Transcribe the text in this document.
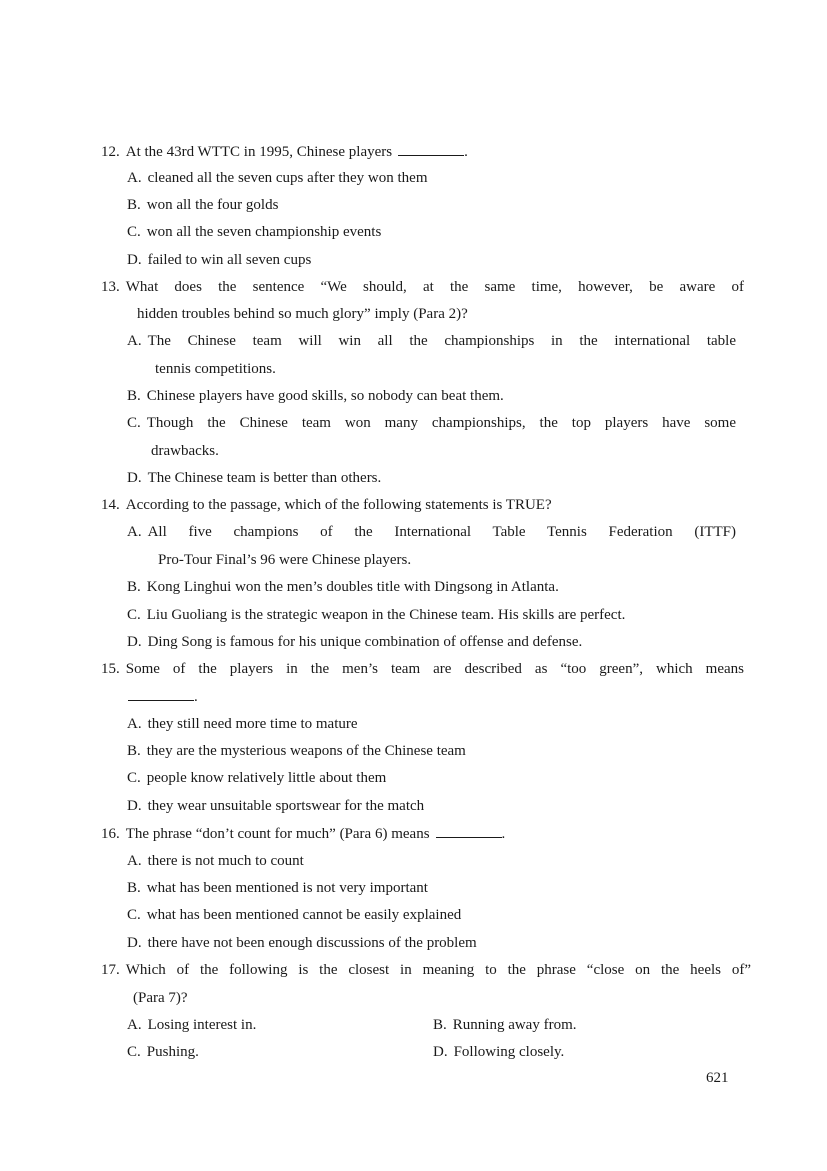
12. At the 43rd WTTC in 1995, Chinese players	.
A. cleaned all the seven cups after they won them
B. won all the four golds
C. won all the seven championship events
D. failed to win all seven cups
13. What does the sentence “We should, at the same time, however, be aware of
hidden troubles behind so much glory” imply (Para 2)?
A. The Chinese team will win all the championships in the international table
tennis competitions.
B. Chinese players have good skills, so nobody can beat them.
C. Though the Chinese team won many championships, the top players have some
drawbacks.
D. The Chinese team is better than others.
14. According to the passage, which of the following statements is TRUE?
A. All five champions of the International Table Tennis Federation (ITTF)
Pro-Tour Final’s 96 were Chinese players.
B. Kong Linghui won the men’s doubles title with Dingsong in Atlanta.
C. Liu Guoliang is the strategic weapon in the Chinese team. His skills are perfect.
D. Ding Song is famous for his unique combination of offense and defense.
15. Some of the players in the men’s team are described as “too green”, which means
.
A. they still need more time to mature
B. they are the mysterious weapons of the Chinese team
C. people know relatively little about them
D. they wear unsuitable sportswear for the match
16. The phrase “don’t count for much” (Para 6) means	.
A. there is not much to count
B. what has been mentioned is not very important
C. what has been mentioned cannot be easily explained
D. there have not been enough discussions of the problem
17. Which of the following is the closest in meaning to the phrase “close on the heels of”
(Para 7)?
A. Losing interest in.	B. Running away from.
C. Pushing.	D. Following closely.
621
